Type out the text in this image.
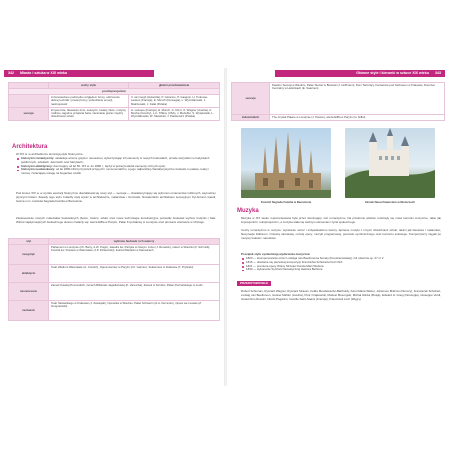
342 Miasto i sztuka w XIX wieku
	cechy stylu	główni przedstawiciele
postimpresjonizm		
	zrównoważone podrzędne względem formy, odrzucenie dobrej techniki i prostej formy, pobudzenie emocji, nastrojowość	V. van Gogh (Holandia), P. Cézanne, P. Gauguin, H. Toulouse-Lautrec (Francja), E. Munch (Norwegia), L. Wyczółkowski, J. Malczewski, J. Fałat (Polska)
secesja	krzywe linie, falowanie form, estetyzm, kwiaty, liście, motywy roślinne, łagodne przejścia barw, zacieranie granic między dziedzinami sztuki	H. Lefuque (Francja), E. Munch, G. Klimt, O. Wagner (Austria), A. Mucha (Czechy), L.C. Tiffany (USA), J. Mehoffer, S. Wyspiański, L. Wyczółkowski, W. Ślewiński, J. Pankiewicz (Polska)
Architektura
W XIX w. w architekturze dominują style historyczne:
historyzm romantyczny: naśladuje wzorce gotyku i renesansu, wykorzystując ich elementy w nowych budowlach, przede wszystkim w budynkach publicznych, szkołach, dworcach oraz fabrykach;
historyzm eklektyczny: dominujący od lat 50. XIX w. do 1890 r., łączył w jednej budowli elementy różnych epok;
historyzm neobarokowy: od lat 1890-1914 przywrócił przepych i monumentalizm, a jego najbardziej charakterystyczne budowle to pałace, teatry i muzea, zwracające uwagę na bogactwo ozdób.
Pod koniec XIX w. w wyniku ewolucji historyzmu ukształtował się nowy styl — secesja — charakteryzujący się wyborem ornamentów roślinnych, asymetrią i płynnymi liniami. Zasady tego stylu znalazły swój wyraz w architekturze, malarstwie i rzemiośle. Nowatorskim architektem secesyjnym był Antonio Gaudi, twórca m.in. kościoła Sagrada Familia w Barcelonie.
Zastosowanie nowych materiałów budowlanych (beton, żelazo, szkło) oraz nowe technologie konstrukcyjne pozwoliły budować wyższe budynki i hale. Wśród najsłynniejszych budowli tego okresu znalazły się: wieża Eiffla w Paryżu, Pałac Kryształowy w Londynie oraz pierwsze wieżowce w Chicago.
styl	wybrane budowle i ich autorzy
neogotyk	Parlament w Londynie (Ch. Barry, A.W. Pugin), katedra św. Patryka w Nowym Jorku (J. Renwick), ratusz w Wiedniu (F. Schmidt), Kościół św. Floriana w Warszawie (J.P. Dziekoński), kościół Mariacki w Katowicach
eklektyzm	Teatr Wielki w Warszawie (A. Corazzi), Opera Garnier w Paryżu (Ch. Garnier), Sukiennice w Krakowie (T. Prylinski)
neorenesans	Zamek Książąt Pomorskich, Gmach Biblioteki Jagiellońskiej (K. Zaremba), Zamek w Kórniku, Pałac Poznańskiego w Łodzi
neobarok	Teatr Słowackiego w Krakowie (J. Zawiejski), Operetka w Wiedniu, Pałac Schwerin (G.A. Demmler), Opera we Lwowie (Z. Gorgolewski)
Główne style i kierunki w sztuce XIX wieku 343
secesja	Pawilon Secesji w Wiedniu, Pałac Stoclet w Brukseli (J. Hoffmann), Dom Tańczący, Kamienica pod Globusem w Krakowie, Dworzec Centralny w Helsinkach (E. Saarinen)
industrializm	The Crystal Palace w Londynie (J. Paxton), wieża Eiffla w Paryżu (G. Eiffel)
Kościół Sagrada Familia w Barcelonie	Zamek Neuschwanstein w Niemczech
Muzyka
Muzyka w XIX wieku reprezentowana była przez dominujący nurt romantyzmu. Na przełomie wieków rozwinęły się nowe kierunki muzyczne, takie jak impresjonizm i ekspresjonizm, a muzyka stała się ważnym elementem życia społecznego.
Cechy romantyzmu w muzyce: wyrażanie uczuć i indywidualizmu twórcy, łączenie muzyki z innymi dziedzinami sztuki, takimi jak literatura i malarstwo, fascynacja folklorem i historią narodową, rozwój opery, muzyki programowej, poematu symfonicznego oraz koncertu solowego. Kompozytorzy sięgali po motywy ludowe i narodowe.
Początek stylu symbolizują wydarzenia muzyczne:
1803 — skomponowanie przez Ludwiga van Beethovena Sonaty (Kreutzerowskiej) i 14 utworów op. 27 nr 2
1815 — ukazanie się pierwszej kompozycji Franciszka Schuberta Król Olch
1821 — premiera opery Wolny Strzelec Karola Marii Webera
1830 — wykonanie Symfonii fantastycznej Hektora Berlioza
PRZEDSTAWICIELE
Robert Schuman, Ryszard Wagner, Ryszard Strauss, Feliks Mendelssohn-Bartholdy, Karol Maria Weber, Johannes Brahms (Niemcy), Franciszek Schubert, Ludwig van Beethoven, Gustav Mahler (Austria), Piotr Czajkowski, Modest Musorgski, Michał Glinka (Rosja), Edward H. Grieg (Norwegia), Giuseppe Verdi, Gioacchino Rossini, Nicolò Paganini, Camille Saint-Saëns (Francja), Franciszek Liszt (Węgry)
